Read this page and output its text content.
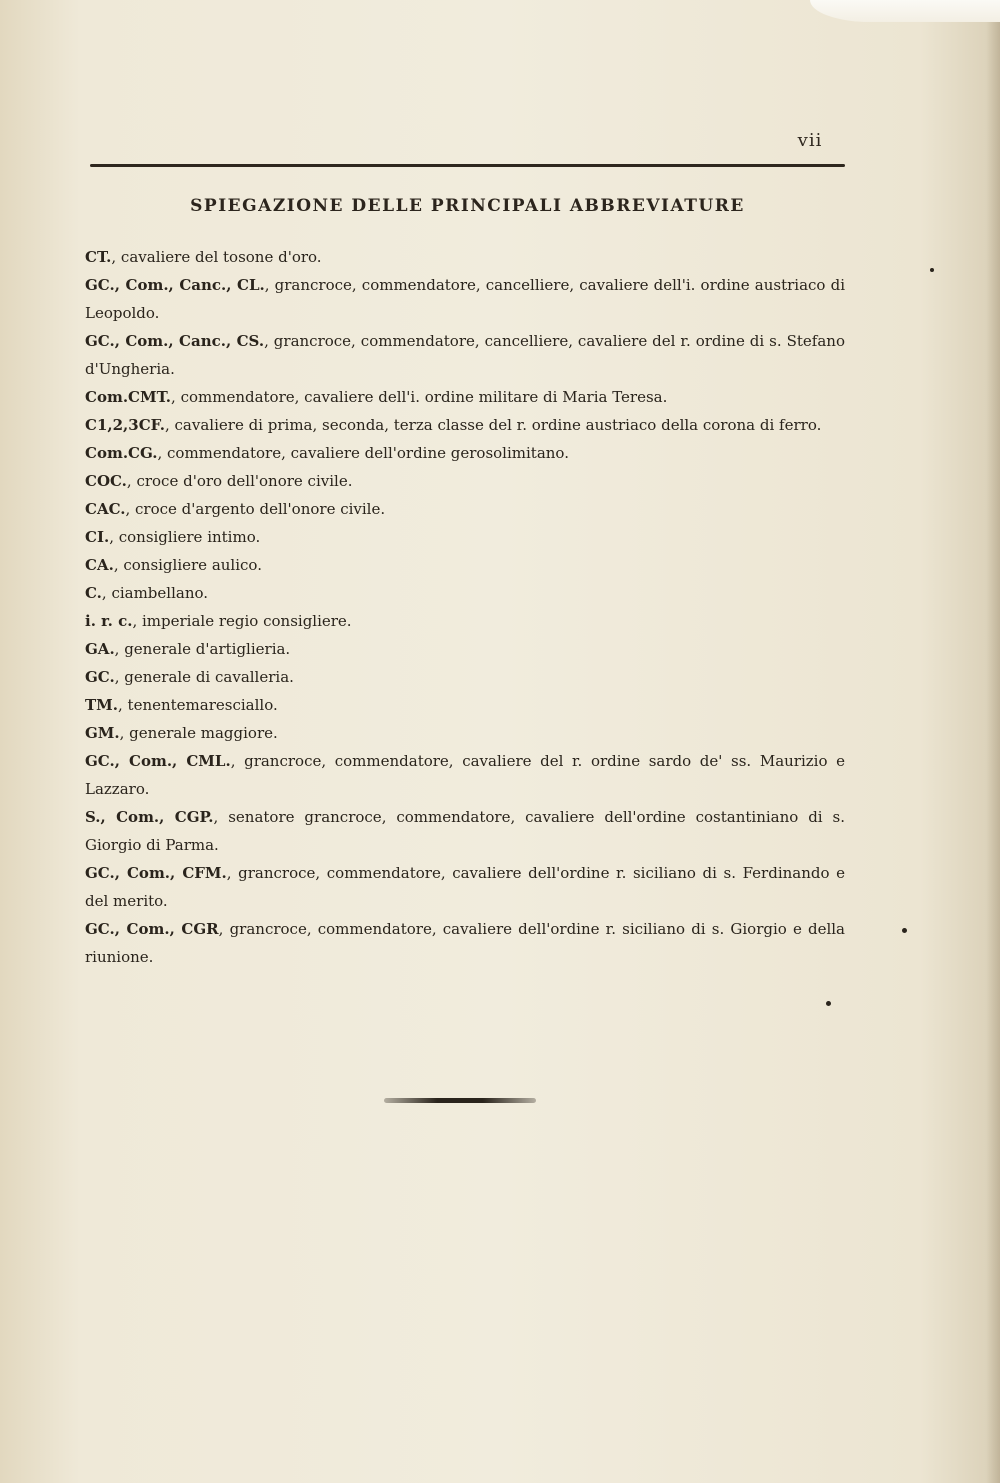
vii
SPIEGAZIONE DELLE PRINCIPALI ABBREVIATURE

CT., cavaliere del tosone d'oro.

GC., Com., Canc., CL., grancroce, commendatore, cancelliere, cavaliere dell'i. ordine austriaco di Leopoldo.

GC., Com., Canc., CS., grancroce, commendatore, cancelliere, cavaliere del r. ordine di s. Stefano d'Ungheria.

Com.CMT., commendatore, cavaliere dell'i. ordine militare di Maria Teresa.

C1,2,3CF., cavaliere di prima, seconda, terza classe del r. ordine austriaco della corona di ferro.

Com.CG., commendatore, cavaliere dell'ordine gerosolimitano.

COC., croce d'oro dell'onore civile.

CAC., croce d'argento dell'onore civile.

CI., consigliere intimo.

CA., consigliere aulico.

C., ciambellano.

i. r. c., imperiale regio consigliere.

GA., generale d'artiglieria.

GC., generale di cavalleria.

TM., tenentemaresciallo.

GM., generale maggiore.

GC., Com., CML., grancroce, commendatore, cavaliere del r. ordine sardo de' ss. Maurizio e Lazzaro.

S., Com., CGP., senatore grancroce, commendatore, cavaliere dell'ordine costantiniano di s. Giorgio di Parma.

GC., Com., CFM., grancroce, commendatore, cavaliere dell'ordine r. siciliano di s. Ferdinando e del merito.

GC., Com., CGR, grancroce, commendatore, cavaliere dell'ordine r. siciliano di s. Giorgio e della riunione.
